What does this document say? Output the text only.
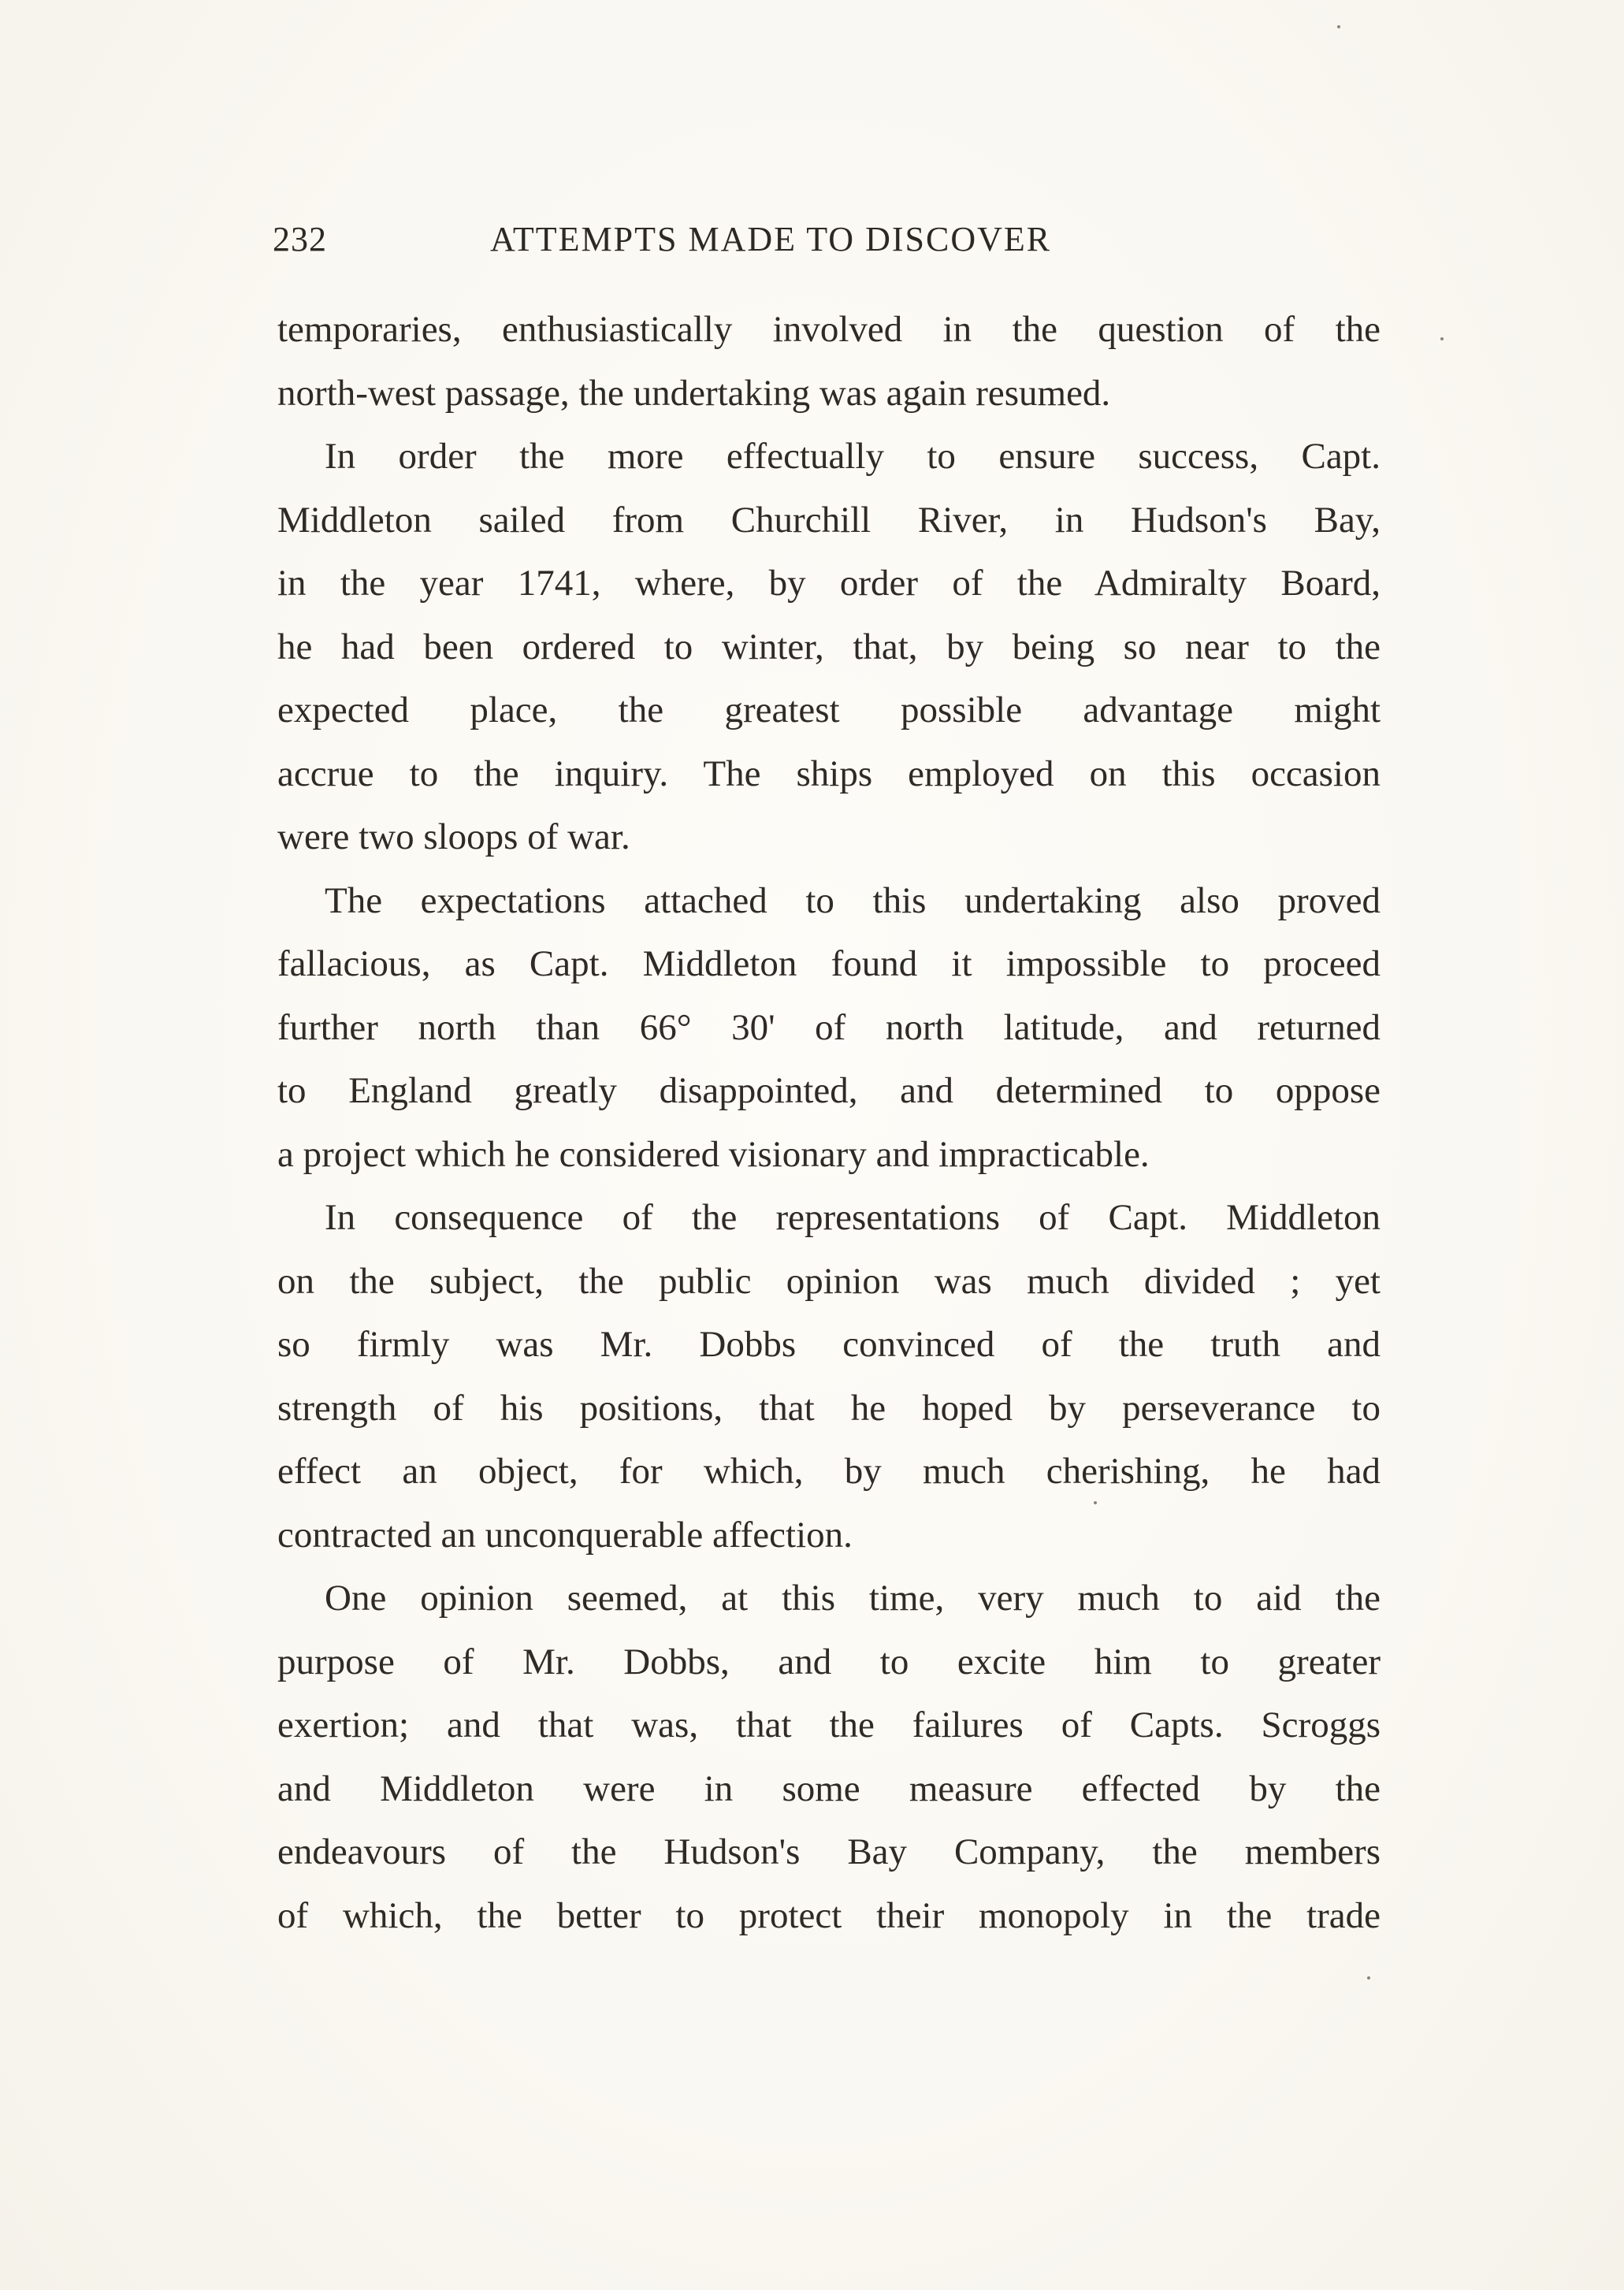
232	ATTEMPTS MADE TO DISCOVER
temporaries, enthusiastically involved in the question of the
north-west passage, the undertaking was again resumed.
In order the more effectually to ensure success, Capt.
Middleton sailed from Churchill River, in Hudson's Bay,
in the year 1741, where, by order of the Admiralty Board,
he had been ordered to winter, that, by being so near to the
expected place, the greatest possible advantage might
accrue to the inquiry. The ships employed on this occasion
were two sloops of war.
The expectations attached to this undertaking also proved
fallacious, as Capt. Middleton found it impossible to proceed
further north than 66° 30' of north latitude, and returned
to England greatly disappointed, and determined to oppose
a project which he considered visionary and impracticable.
In consequence of the representations of Capt. Middleton
on the subject, the public opinion was much divided ; yet
so firmly was Mr. Dobbs convinced of the truth and
strength of his positions, that he hoped by perseverance to
effect an object, for which, by much cherishing, he had
contracted an unconquerable affection.
One opinion seemed, at this time, very much to aid the
purpose of Mr. Dobbs, and to excite him to greater
exertion; and that was, that the failures of Capts. Scroggs
and Middleton were in some measure effected by the
endeavours of the Hudson's Bay Company, the members
of which, the better to protect their monopoly in the trade
